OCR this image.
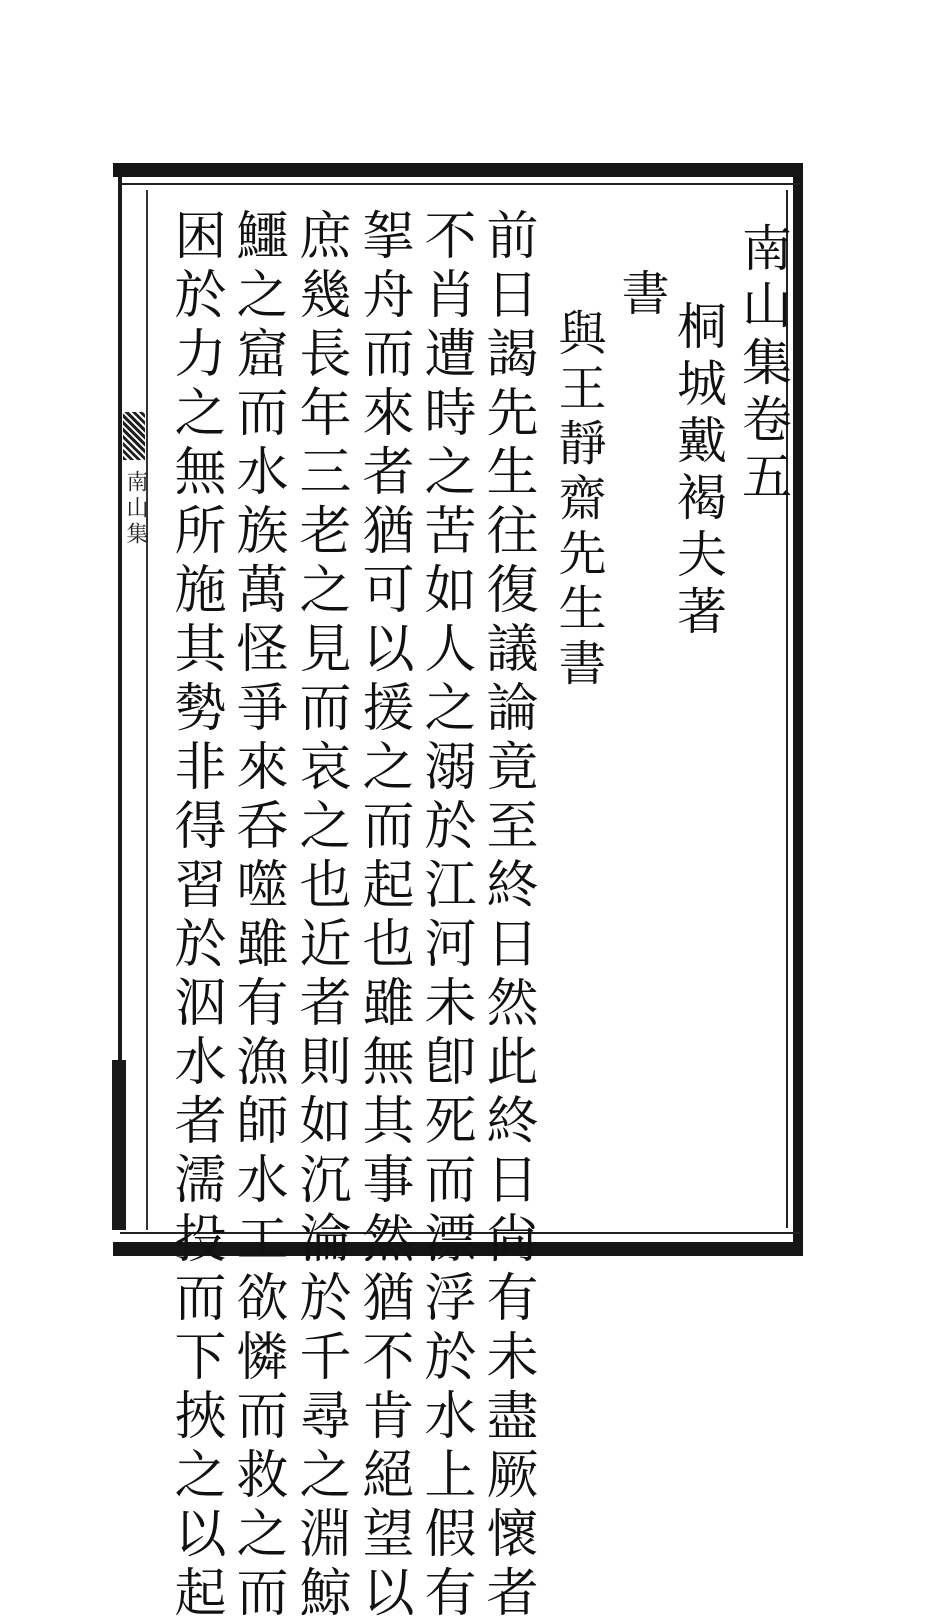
南山集
南山集卷五
桐城戴褐夫著
書
與王靜齋先生書
前日謁先生往復議論竟至終日然此終日尙有未盡厥懷者
不肖遭時之苦如人之溺於江河未卽死而漂浮於水上假有
挐舟而來者猶可以援之而起也雖無其事然猶不肯絕望以
庶幾長年三老之見而哀之也近者則如沉淪於千尋之淵鯨
鱷之窟而水族萬怪爭來呑噬雖有漁師水工欲憐而救之而
困於力之無所施其勢非得習於泅水者濡投而下挾之以起
